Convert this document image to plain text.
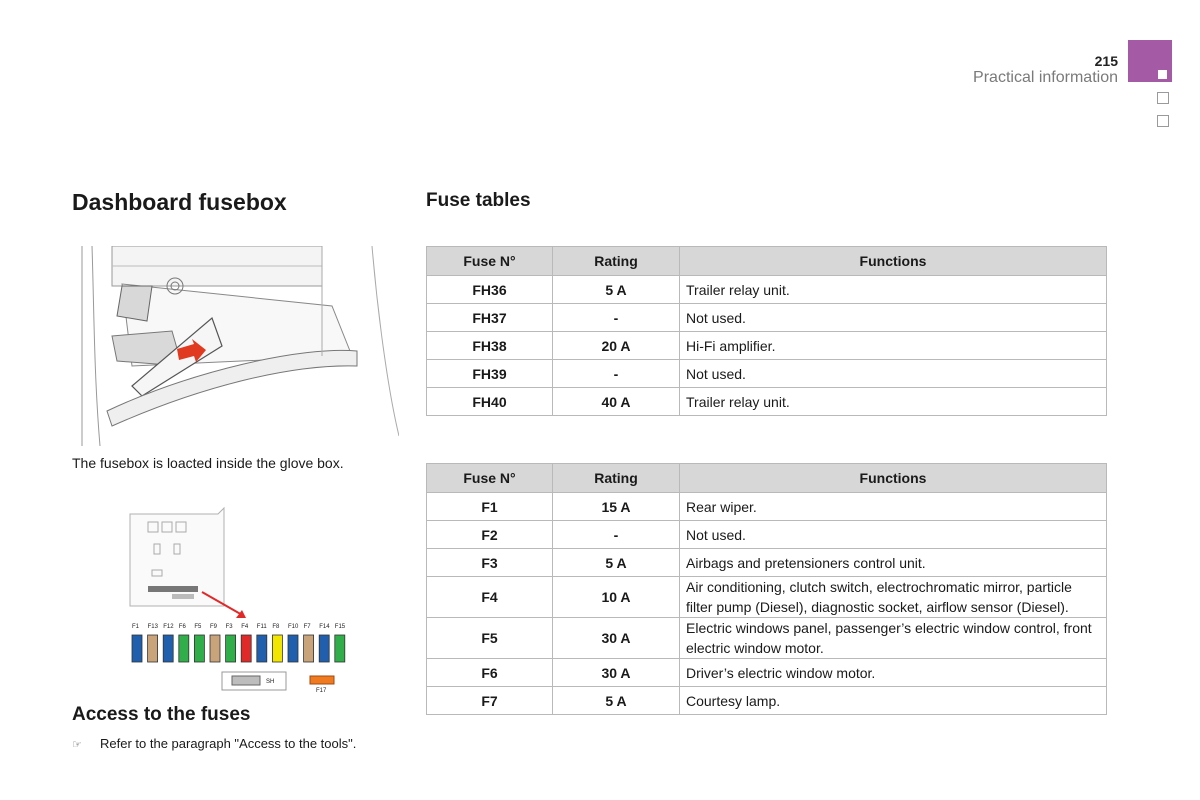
215
Practical information
Dashboard fusebox
The fusebox is loacted inside the glove box.
F1 F13 F12 F6 F5 F9 F3 F4 F11 F8 F10 F7 F14 F15
SH
F17
Access to the fuses
☞ Refer to the paragraph "Access to the tools".
Fuse tables
Fuse N°	Rating	Functions
FH36	5 A	Trailer relay unit.
FH37	-	Not used.
FH38	20 A	Hi-Fi amplifier.
FH39	-	Not used.
FH40	40 A	Trailer relay unit.
Fuse N°	Rating	Functions
F1	15 A	Rear wiper.
F2	-	Not used.
F3	5 A	Airbags and pretensioners control unit.
F4	10 A	Air conditioning, clutch switch, electrochromatic mirror, particle filter pump (Diesel), diagnostic socket, airflow sensor (Diesel).
F5	30 A	Electric windows panel, passenger’s electric window control, front electric window motor.
F6	30 A	Driver’s electric window motor.
F7	5 A	Courtesy lamp.
